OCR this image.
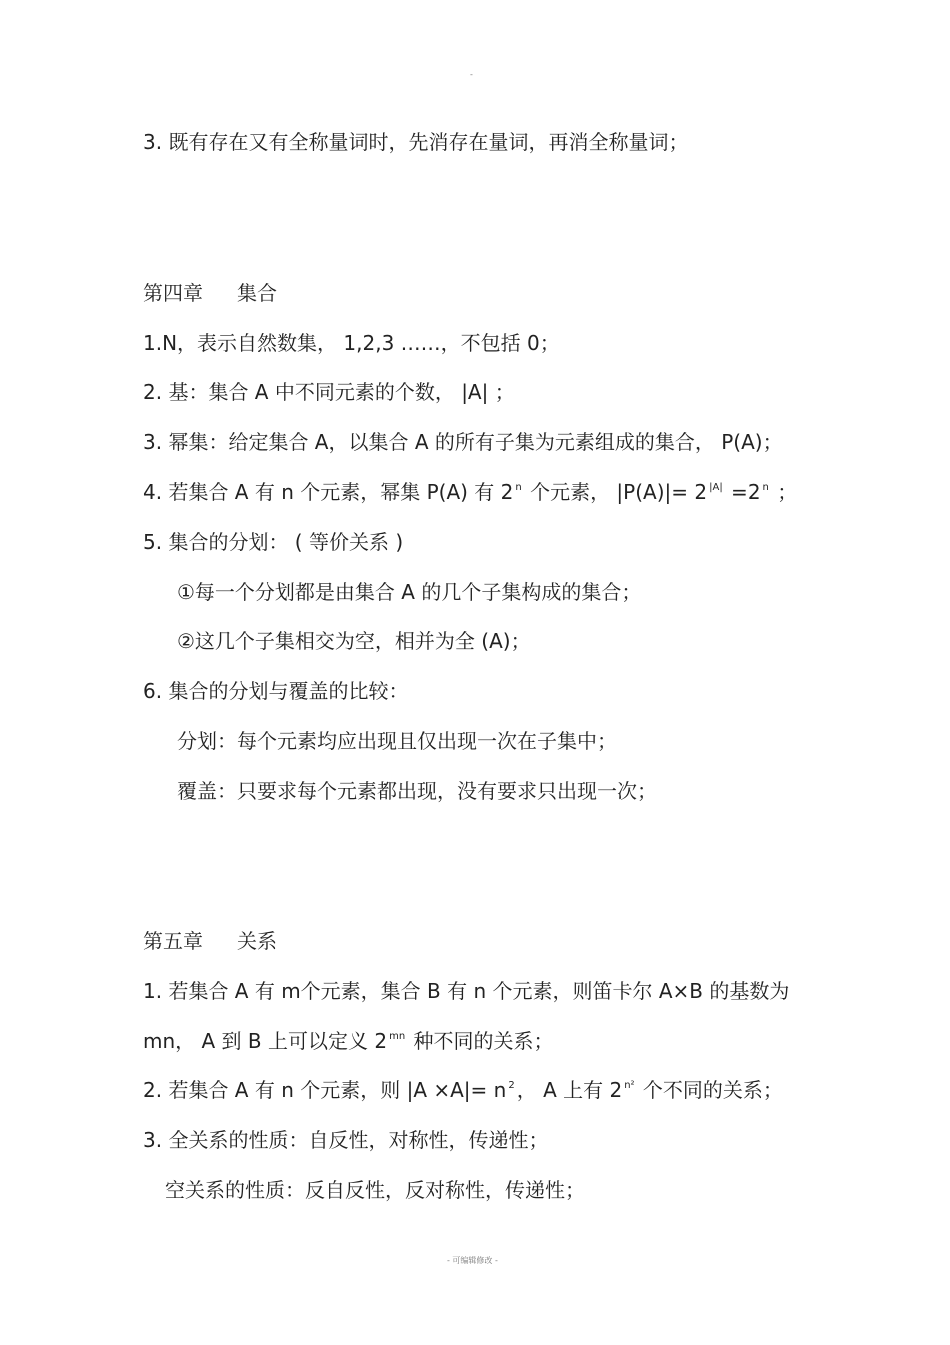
-
3. 既有存在又有全称量词时，先消存在量词，再消全称量词；
第四章 集合
1.N，表示自然数集， 1,2,3 ……，不包括 0；
2. 基：集合 A 中不同元素的个数， |A| ；
3. 幂集：给定集合 A，以集合 A 的所有子集为元素组成的集合， P(A)；
4. 若集合 A 有 n 个元素，幂集 P(A) 有 2 $^n$ 个元素， |P(A)|= 2 $^{|A|}$ =2 $^n$ ；
5. 集合的分划： ( 等价关系 )
①每一个分划都是由集合 A 的几个子集构成的集合；
②这几个子集相交为空，相并为全 (A)；
6. 集合的分划与覆盖的比较：
分划：每个元素均应出现且仅出现一次在子集中；
覆盖：只要求每个元素都出现，没有要求只出现一次；
第五章 关系
1. 若集合 A 有 m个元素，集合 B 有 n 个元素，则笛卡尔 A×B 的基数为
mn， A 到 B 上可以定义 2 $^{mn}$ 种不同的关系；
2. 若集合 A 有 n 个元素，则 |A ×A|= n $^2$ ， A 上有 2 $^{n^2}$ 个不同的关系；
3. 全关系的性质：自反性，对称性，传递性；
空关系的性质：反自反性，反对称性，传递性；
- 可编辑修改 -
